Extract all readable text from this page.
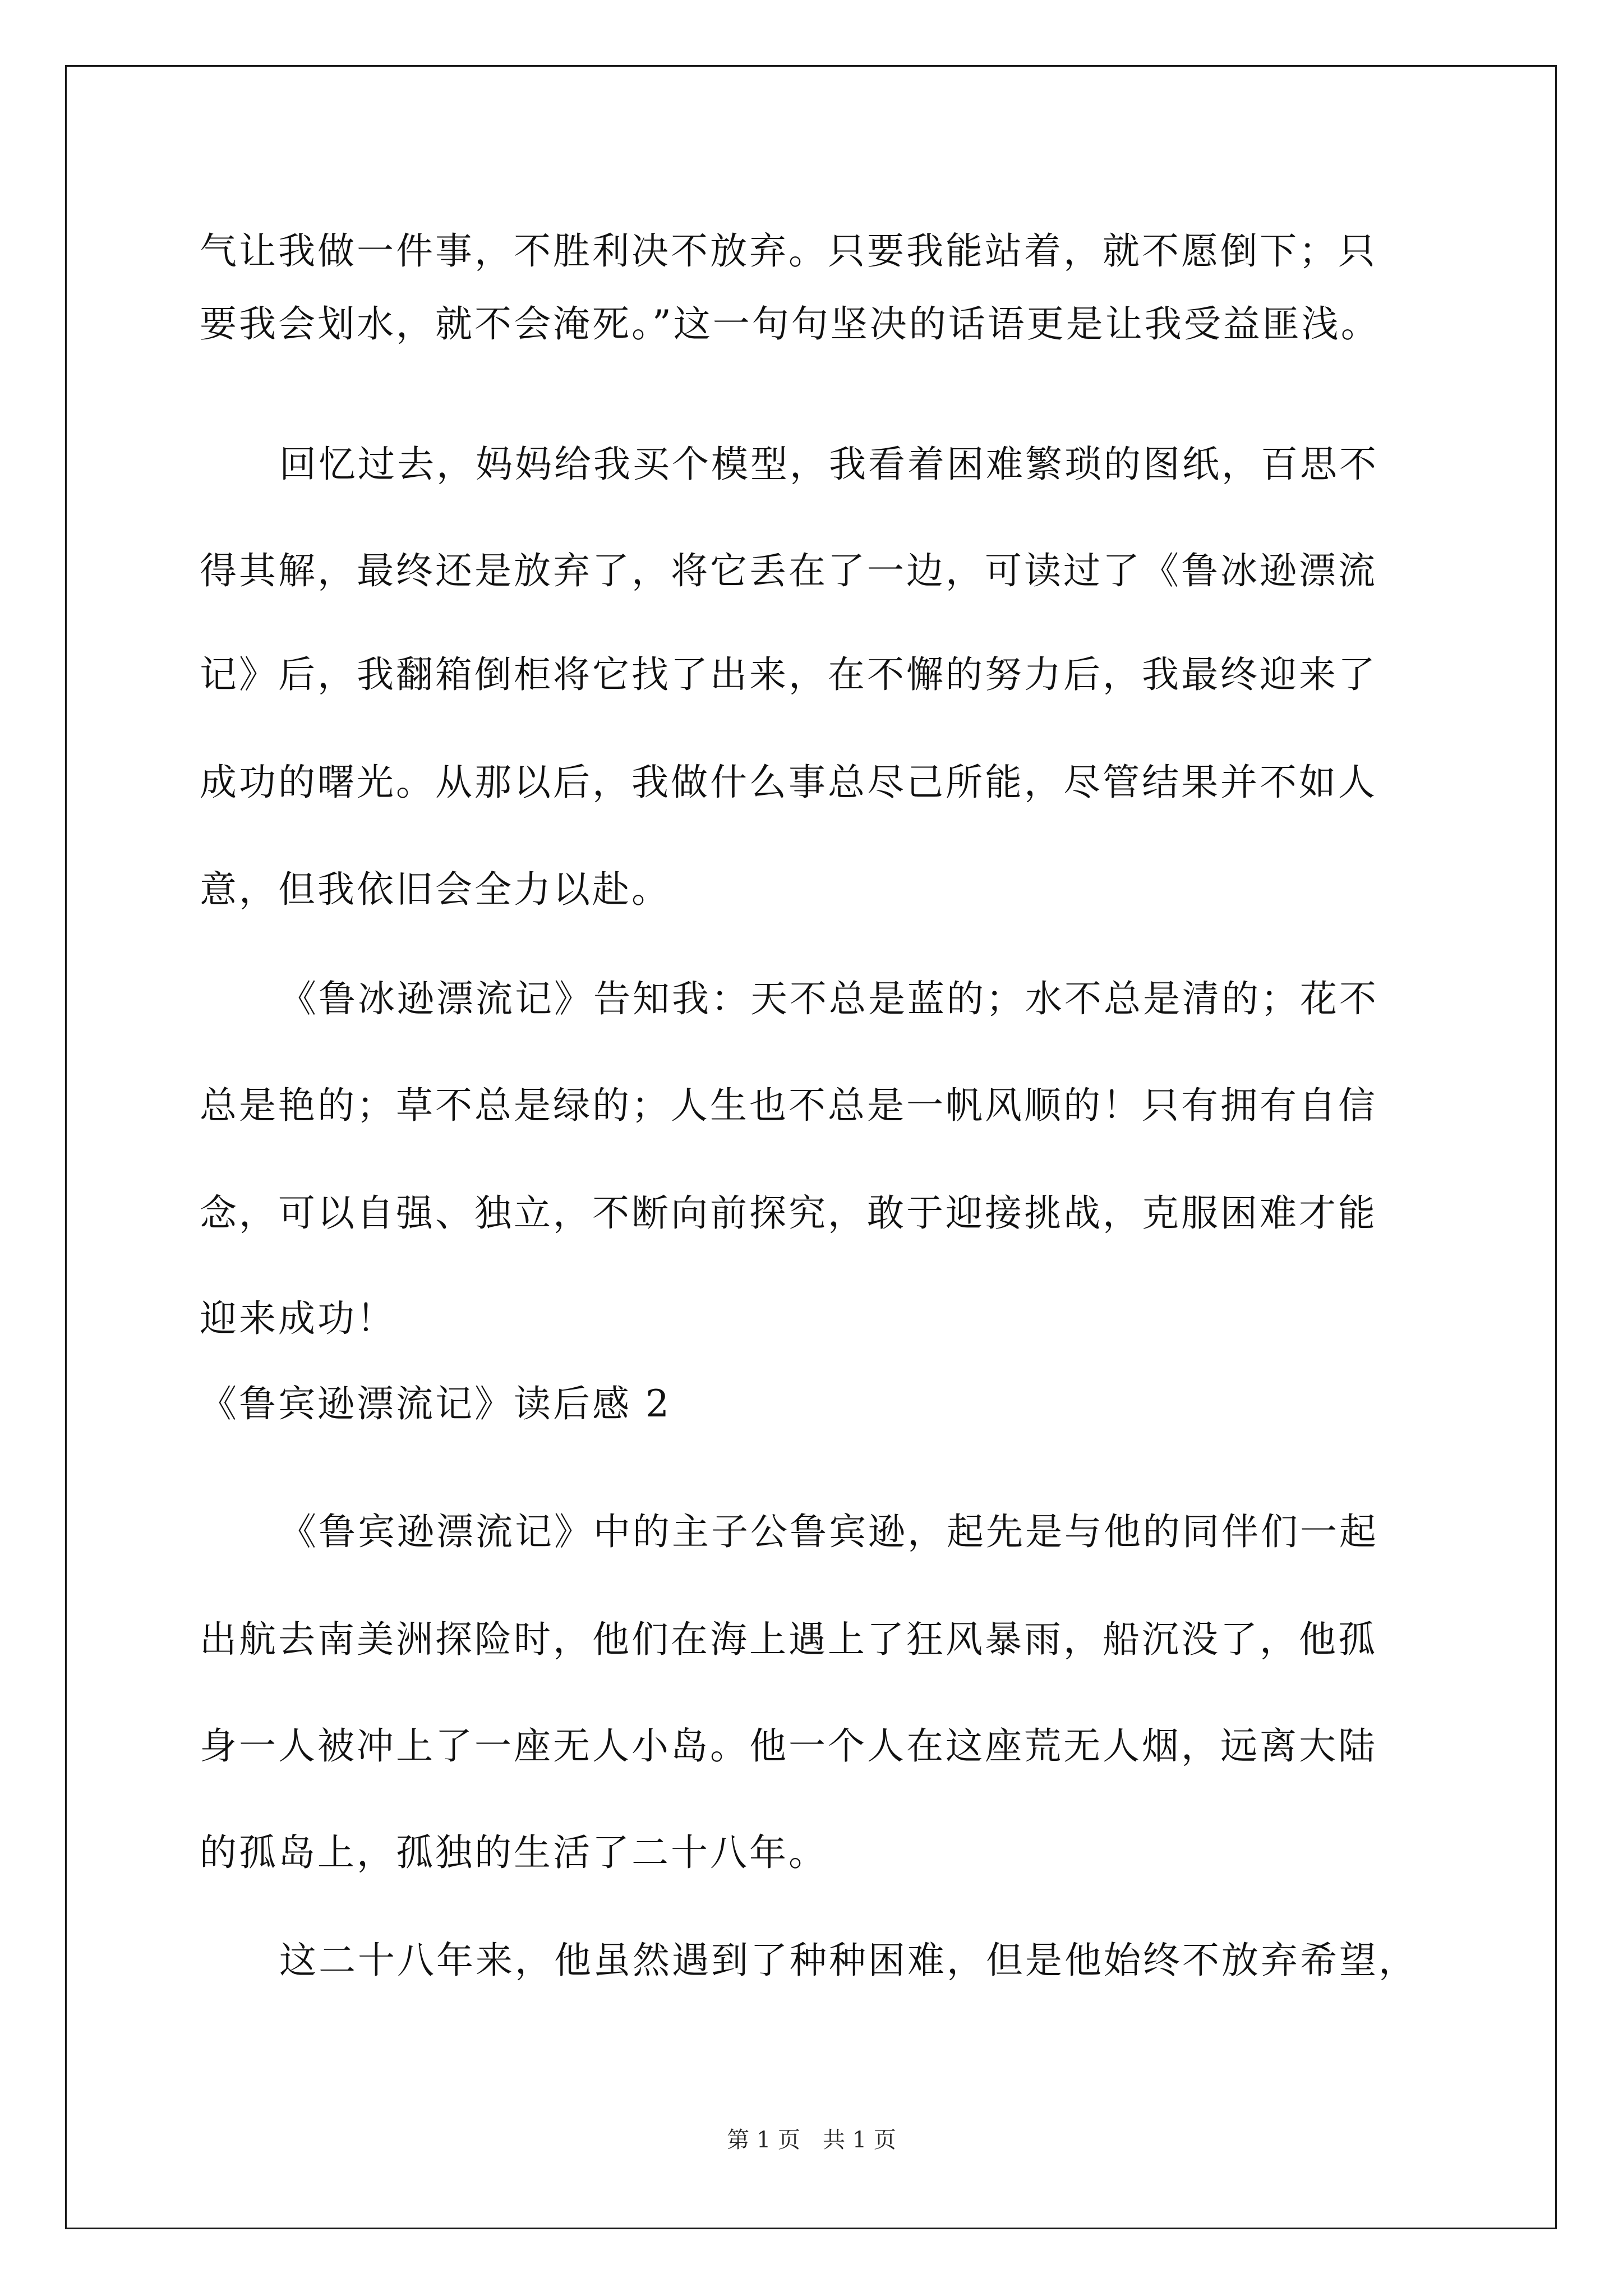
气让我做一件事，不胜利决不放弃。只要我能站着，就不愿倒下；只
要我会划水，就不会淹死。”这一句句坚决的话语更是让我受益匪浅。
回忆过去，妈妈给我买个模型，我看着困难繁琐的图纸，百思不
得其解，最终还是放弃了，将它丢在了一边，可读过了《鲁冰逊漂流
记》后，我翻箱倒柜将它找了出来，在不懈的努力后，我最终迎来了
成功的曙光。从那以后，我做什么事总尽己所能，尽管结果并不如人
意，但我依旧会全力以赴。
《鲁冰逊漂流记》告知我：天不总是蓝的；水不总是清的；花不
总是艳的；草不总是绿的；人生也不总是一帆风顺的！只有拥有自信
念，可以自强、独立，不断向前探究，敢于迎接挑战，克服困难才能
迎来成功！
《鲁宾逊漂流记》读后感 2
《鲁宾逊漂流记》中的主子公鲁宾逊，起先是与他的同伴们一起
出航去南美洲探险时，他们在海上遇上了狂风暴雨，船沉没了，他孤
身一人被冲上了一座无人小岛。他一个人在这座荒无人烟，远离大陆
的孤岛上，孤独的生活了二十八年。
这二十八年来，他虽然遇到了种种困难，但是他始终不放弃希望，
第 1 页　共 1 页
